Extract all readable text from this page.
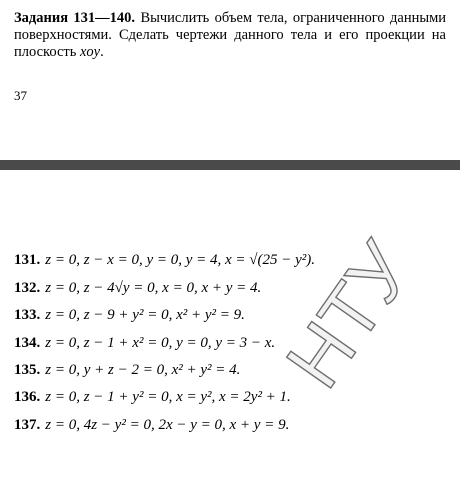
Задания 131—140. Вычислить объем тела, ограниченного данными поверхностями. Сделать чертежи данного тела и его проекции на плоскость xoy.
37
НТУ
131. z = 0, z − x = 0, y = 0, y = 4, x = √(25 − y²).
132. z = 0, z − 4√y = 0, x = 0, x + y = 4.
133. z = 0, z − 9 + y² = 0, x² + y² = 9.
134. z = 0, z − 1 + x² = 0, y = 0, y = 3 − x.
135. z = 0, y + z − 2 = 0, x² + y² = 4.
136. z = 0, z − 1 + y² = 0, x = y², x = 2y² + 1.
137. z = 0, 4z − y² = 0, 2x − y = 0, x + y = 9.
